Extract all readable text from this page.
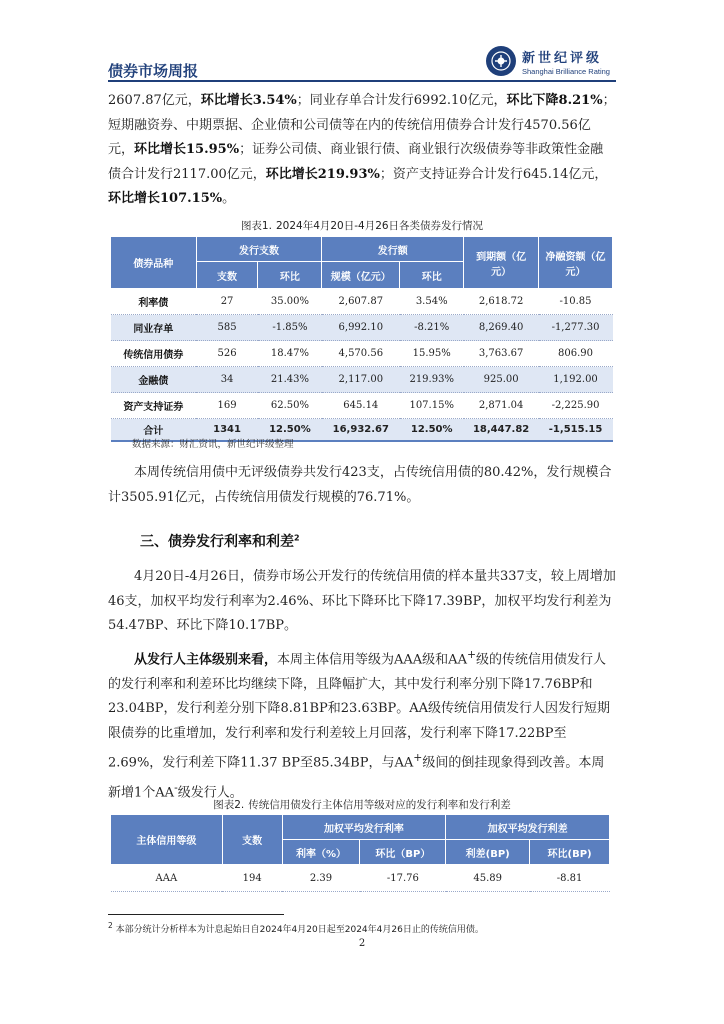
债券市场周报
新世纪评级
Shanghai Brilliance Rating
2607.87亿元，环比增长3.54%；同业存单合计发行6992.10亿元，环比下降8.21%；短期融资券、中期票据、企业债和公司债等在内的传统信用债券合计发行4570.56亿元，环比增长15.95%；证券公司债、商业银行债、商业银行次级债券等非政策性金融债合计发行2117.00亿元，环比增长219.93%；资产支持证券合计发行645.14亿元，环比增长107.15%。
图表1. 2024年4月20日-4月26日各类债券发行情况
债券品种	发行支数		发行额		到期额（亿元）	净融资额（亿元）
	支数	环比	规模（亿元）	环比		
利率债	27	35.00%	2,607.87	3.54%	2,618.72	-10.85
同业存单	585	-1.85%	6,992.10	-8.21%	8,269.40	-1,277.30
传统信用债券	526	18.47%	4,570.56	15.95%	3,763.67	806.90
金融债	34	21.43%	2,117.00	219.93%	925.00	1,192.00
资产支持证券	169	62.50%	645.14	107.15%	2,871.04	-2,225.90
合计	1341	12.50%	16,932.67	12.50%	18,447.82	-1,515.15
数据来源：财汇资讯，新世纪评级整理
本周传统信用债中无评级债券共发行423支，占传统信用债的80.42%，发行规模合计3505.91亿元，占传统信用债发行规模的76.71%。
三、债券发行利率和利差$^2$
4月20日-4月26日，债券市场公开发行的传统信用债的样本量共337支，较上周增加46支，加权平均发行利率为2.46%、环比下降环比下降17.39BP，加权平均发行利差为54.47BP、环比下降10.17BP。
从发行人主体级别来看，本周主体信用等级为AAA级和AA+级的传统信用债发行人的发行利率和利差环比均继续下降，且降幅扩大，其中发行利率分别下降17.76BP和23.04BP，发行利差分别下降8.81BP和23.63BP。AA级传统信用债发行人因发行短期限债券的比重增加，发行利率和发行利差较上月回落，发行利率下降17.22BP至2.69%，发行利差下降11.37 BP至85.34BP，与AA+级间的倒挂现象得到改善。本周新增1个AA-级发行人。
图表2. 传统信用债发行主体信用等级对应的发行利率和发行利差
主体信用等级	支数	加权平均发行利率		加权平均发行利差	
		利率（%）	环比（BP）	利差(BP)	环比(BP)
AAA	194	2.39	-17.76	45.89	-8.81
$^2$ 本部分统计分析样本为计息起始日自2024年4月20日起至2024年4月26日止的传统信用债。
2
